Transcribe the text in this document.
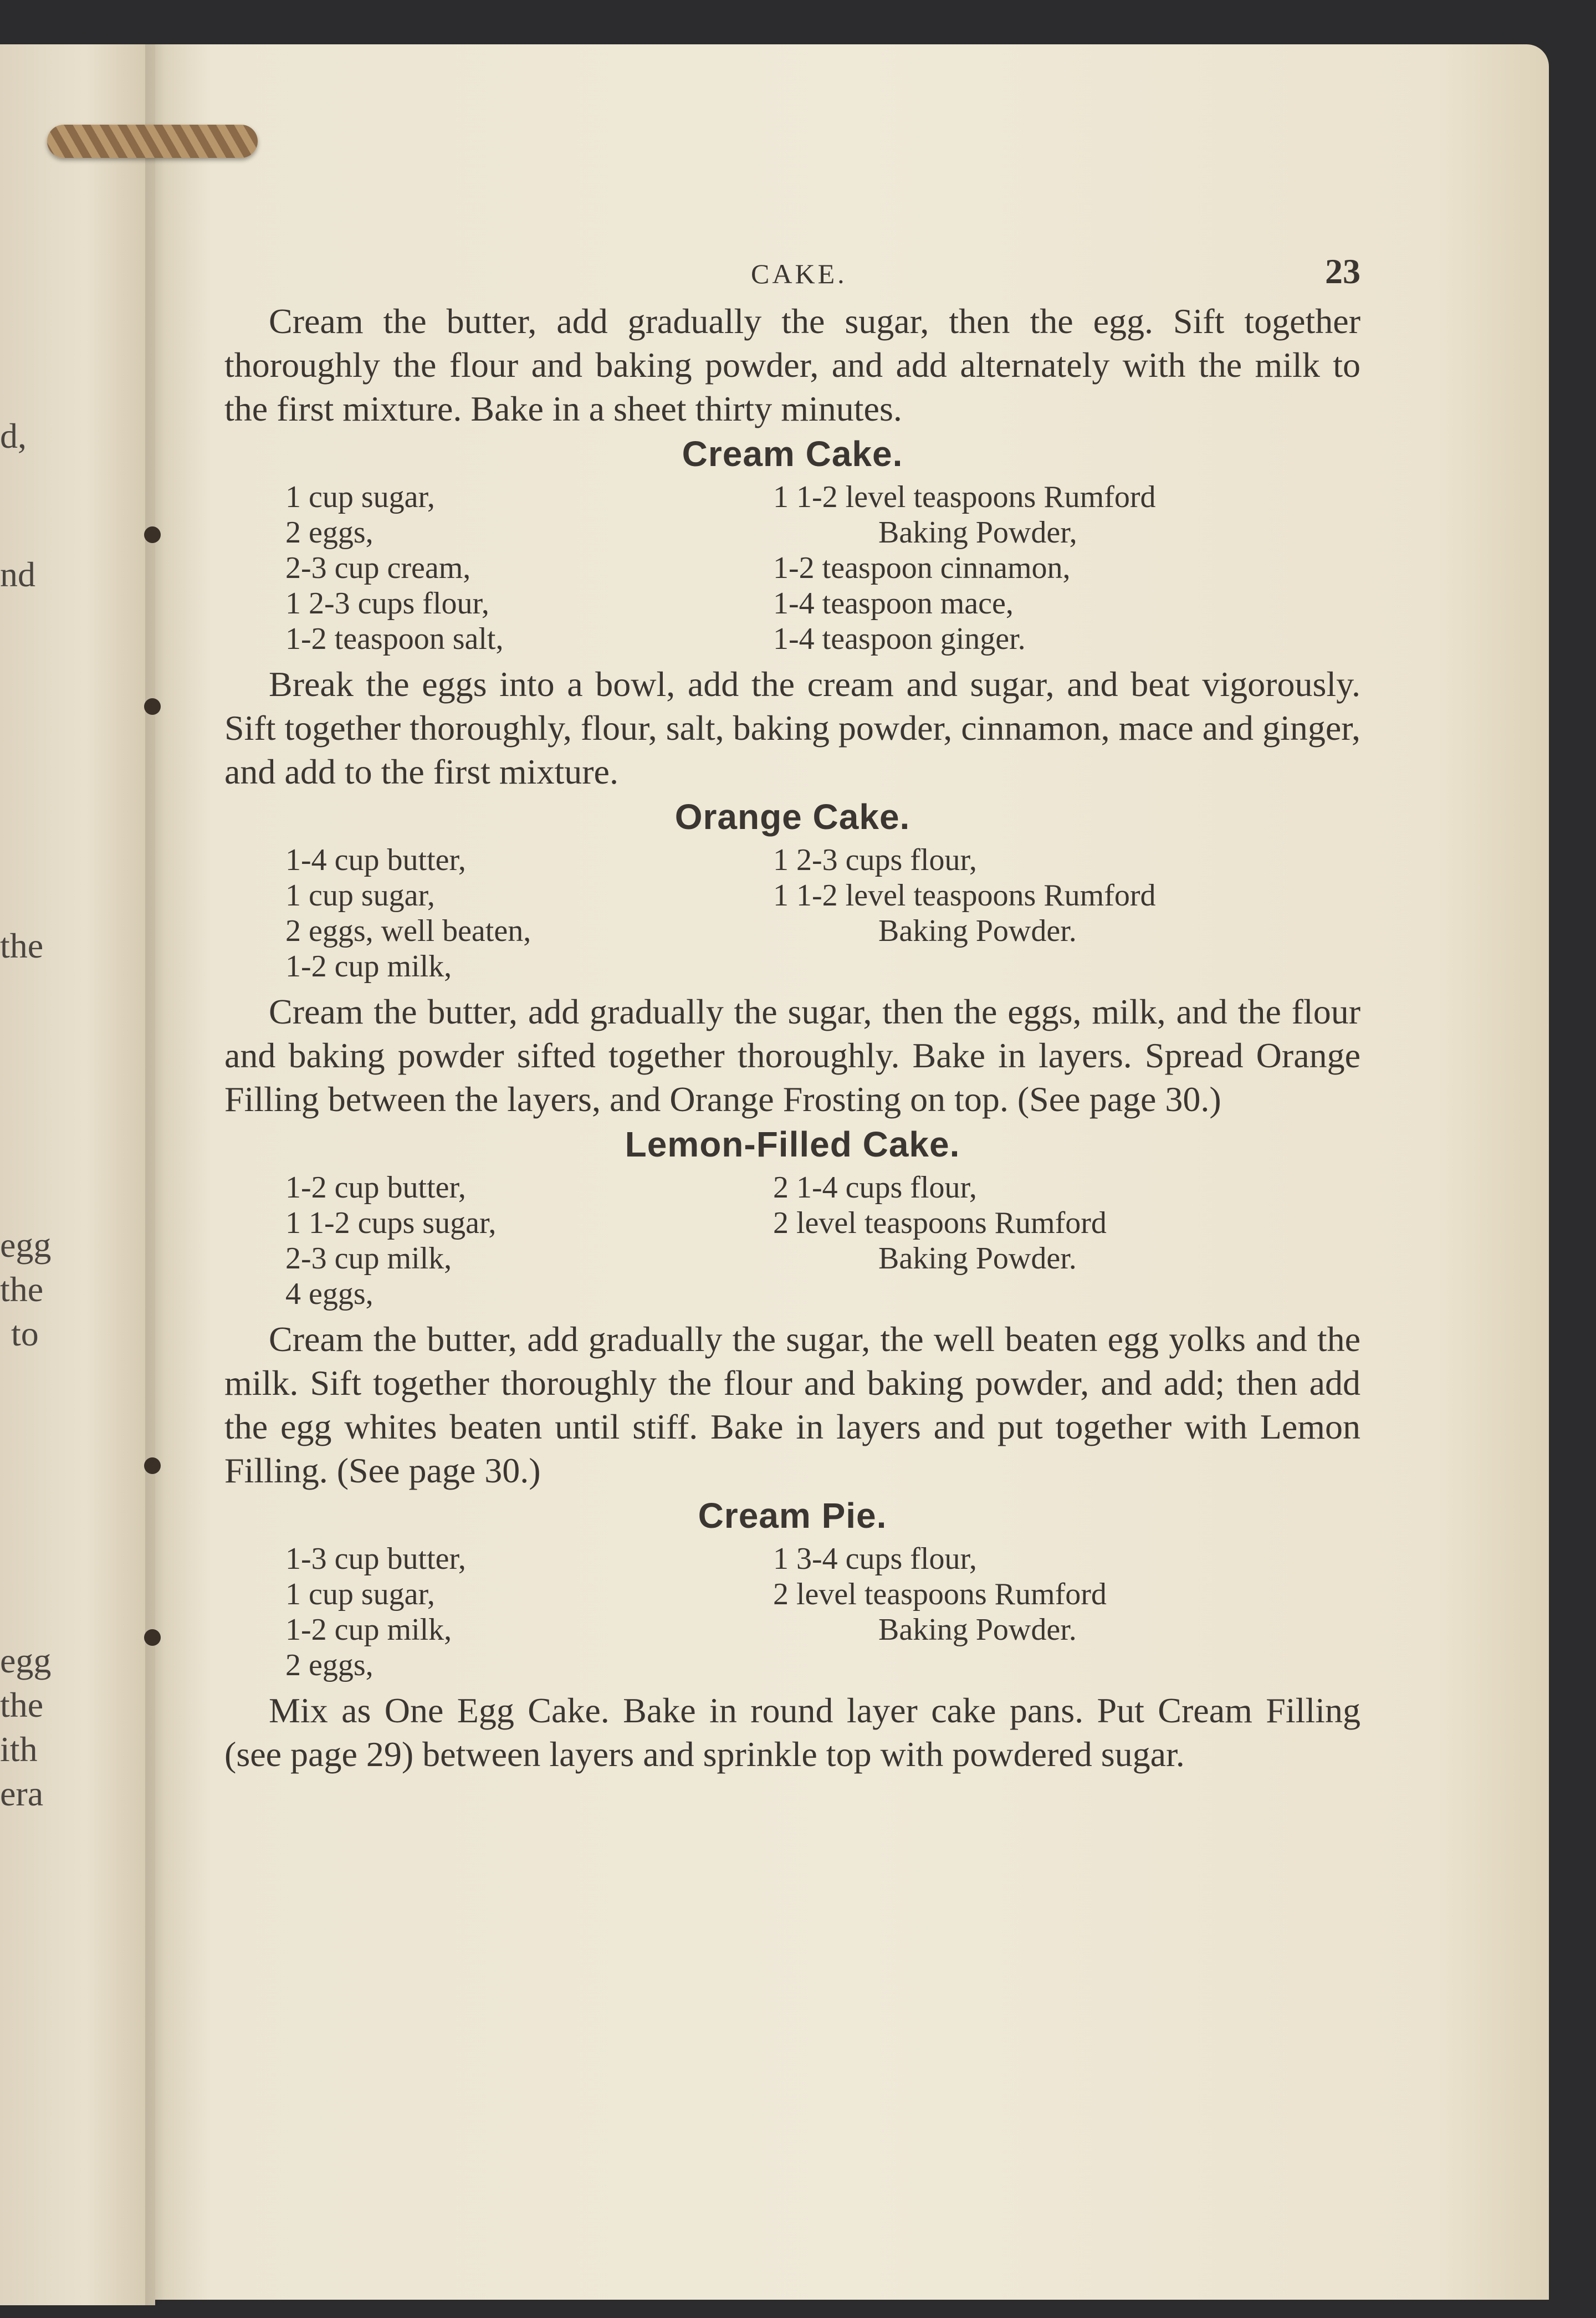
d,
nd
the
egg
the
to
egg
the
ith
era
CAKE.	23

Cream the butter, add gradually the sugar, then the egg. Sift together thoroughly the flour and baking powder, and add alternately with the milk to the first mixture. Bake in a sheet thirty minutes.

Cream Cake.
1 cup sugar,	1 1-2 level teaspoons Rumford
2 eggs,	Baking Powder,
2-3 cup cream,	1-2 teaspoon cinnamon,
1 2-3 cups flour,	1-4 teaspoon mace,
1-2 teaspoon salt,	1-4 teaspoon ginger.

Break the eggs into a bowl, add the cream and sugar, and beat vigorously. Sift together thoroughly, flour, salt, baking powder, cinnamon, mace and ginger, and add to the first mixture.

Orange Cake.
1-4 cup butter,	1 2-3 cups flour,
1 cup sugar,	1 1-2 level teaspoons Rumford
2 eggs, well beaten,	Baking Powder.
1-2 cup milk,

Cream the butter, add gradually the sugar, then the eggs, milk, and the flour and baking powder sifted together thoroughly. Bake in layers. Spread Orange Filling between the layers, and Orange Frosting on top. (See page 30.)

Lemon-Filled Cake.
1-2 cup butter,	2 1-4 cups flour,
1 1-2 cups sugar,	2 level teaspoons Rumford
2-3 cup milk,	Baking Powder.
4 eggs,

Cream the butter, add gradually the sugar, the well beaten egg yolks and the milk. Sift together thoroughly the flour and baking powder, and add; then add the egg whites beaten until stiff. Bake in layers and put together with Lemon Filling. (See page 30.)

Cream Pie.
1-3 cup butter,	1 3-4 cups flour,
1 cup sugar,	2 level teaspoons Rumford
1-2 cup milk,	Baking Powder.
2 eggs,

Mix as One Egg Cake. Bake in round layer cake pans. Put Cream Filling (see page 29) between layers and sprinkle top with powdered sugar.
